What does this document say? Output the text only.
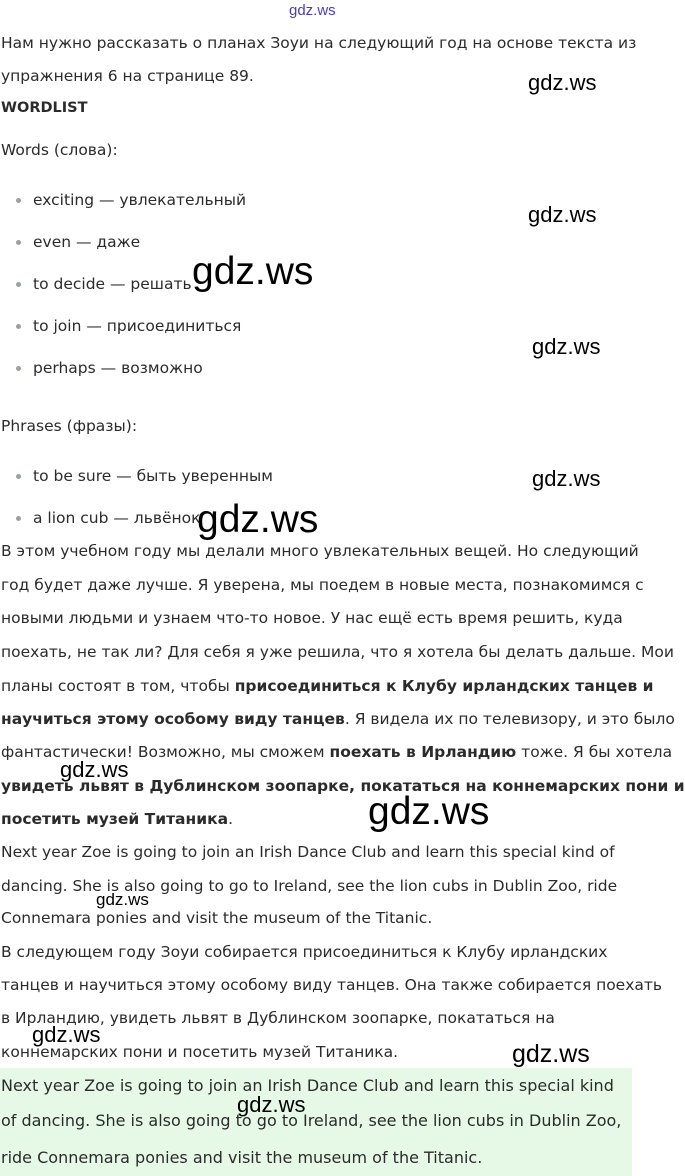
gdz.ws
Нам нужно рассказать о планах Зоуи на следующий год на основе текста из
упражнения 6 на странице 89.	gdz.ws
WORDLIST
Words (слова):
exciting — увлекательный
gdz.ws
even — даже
to decide — решать gdz.ws
to join — присоединиться
perhaps — возможно
gdz.ws
Phrases (фразы):
to be sure — быть уверенным	gdz.ws
a lion cub — львёнок
gdz.ws
В этом учебном году мы делали много увлекательных вещей. Но следующий
год будет даже лучше. Я уверена, мы поедем в новые места, познакомимся с
новыми людьми и узнаем что-то новое. У нас ещё есть время решить, куда
поехать, не так ли? Для себя я уже решила, что я хотела бы делать дальше. Мои
планы состоят в том, чтобы присоединиться к Клубу ирландских танцев и
научиться этому особому виду танцев. Я видела их по телевизору, и это было
фантастически! Возможно, мы сможем поехать в Ирландию тоже. Я бы хотела
gdz.ws
увидеть львят в Дублинском зоопарке, покататься на коннемарских пони и
посетить музей Титаника.	gdz.ws
Next year Zoe is going to join an Irish Dance Club and learn this special kind of
dancing. She is also going to go to Ireland, see the lion cubs in Dublin Zoo, ride
gdz.ws
Connemara ponies and visit the museum of the Titanic.
В следующем году Зоуи собирается присоединиться к Клубу ирландских
танцев и научиться этому особому виду танцев. Она также собирается поехать
в Ирландию, увидеть львят в Дублинском зоопарке, покататься на
gdz.ws
коннемарских пони и посетить музей Титаника.	gdz.ws
Next year Zoe is going to join an Irish Dance Club and learn this special kind
of dancing. She is also going to go to Ireland, see the lion cubs in Dublin Zoo,
gdz.ws
ride Connemara ponies and visit the museum of the Titanic.
